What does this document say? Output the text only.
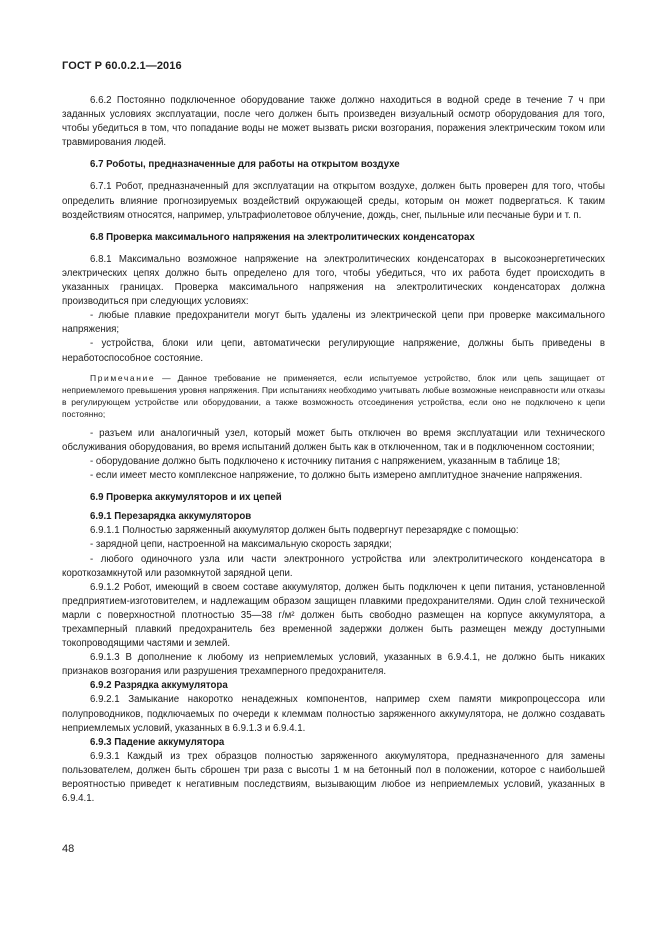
ГОСТ Р 60.0.2.1—2016

6.6.2 Постоянно подключенное оборудование также должно находиться в водной среде в течение 7 ч при заданных условиях эксплуатации, после чего должен быть произведен визуальный осмотр оборудования для того, чтобы убедиться в том, что попадание воды не может вызвать риски возгорания, поражения электрическим током или травмирования людей.

6.7 Роботы, предназначенные для работы на открытом воздухе

6.7.1 Робот, предназначенный для эксплуатации на открытом воздухе, должен быть проверен для того, чтобы определить влияние прогнозируемых воздействий окружающей среды, которым он может подвергаться. К таким воздействиям относятся, например, ультрафиолетовое облучение, дождь, снег, пыльные или песчаные бури и т. п.

6.8 Проверка максимального напряжения на электролитических конденсаторах

6.8.1 Максимально возможное напряжение на электролитических конденсаторах в высокоэнергетических электрических цепях должно быть определено для того, чтобы убедиться, что их работа будет происходить в указанных границах. Проверка максимального напряжения на электролитических конденсаторах должна производиться при следующих условиях:

- любые плавкие предохранители могут быть удалены из электрической цепи при проверке максимального напряжения;

- устройства, блоки или цепи, автоматически регулирующие напряжение, должны быть приведены в неработоспособное состояние.

Примечание — Данное требование не применяется, если испытуемое устройство, блок или цепь защищает от неприемлемого превышения уровня напряжения. При испытаниях необходимо учитывать любые возможные неисправности или отказы в регулирующем устройстве или оборудовании, а также возможность отсоединения устройства, если оно не подключено к цепи постоянно;

- разъем или аналогичный узел, который может быть отключен во время эксплуатации или технического обслуживания оборудования, во время испытаний должен быть как в отключенном, так и в подключенном состоянии;

- оборудование должно быть подключено к источнику питания с напряжением, указанным в таблице 18;

- если имеет место комплексное напряжение, то должно быть измерено амплитудное значение напряжения.

6.9 Проверка аккумуляторов и их цепей

6.9.1 Перезарядка аккумуляторов

6.9.1.1 Полностью заряженный аккумулятор должен быть подвергнут перезарядке с помощью:

- зарядной цепи, настроенной на максимальную скорость зарядки;

- любого одиночного узла или части электронного устройства или электролитического конденсатора в короткозамкнутой или разомкнутой зарядной цепи.

6.9.1.2 Робот, имеющий в своем составе аккумулятор, должен быть подключен к цепи питания, установленной предприятием-изготовителем, и надлежащим образом защищен плавкими предохранителями. Один слой технической марли с поверхностной плотностью 35—38 г/м² должен быть свободно размещен на корпусе аккумулятора, а трехамперный плавкий предохранитель без временной задержки должен быть размещен между доступными токопроводящими частями и землей.

6.9.1.3 В дополнение к любому из неприемлемых условий, указанных в 6.9.4.1, не должно быть никаких признаков возгорания или разрушения трехамперного предохранителя.

6.9.2 Разрядка аккумулятора

6.9.2.1 Замыкание накоротко ненадежных компонентов, например схем памяти микропроцессора или полупроводников, подключаемых по очереди к клеммам полностью заряженного аккумулятора, не должно создавать неприемлемых условий, указанных в 6.9.1.3 и 6.9.4.1.

6.9.3 Падение аккумулятора

6.9.3.1 Каждый из трех образцов полностью заряженного аккумулятора, предназначенного для замены пользователем, должен быть сброшен три раза с высоты 1 м на бетонный пол в положении, которое с наибольшей вероятностью приведет к негативным последствиям, вызывающим любое из неприемлемых условий, указанных в 6.9.4.1.

48
